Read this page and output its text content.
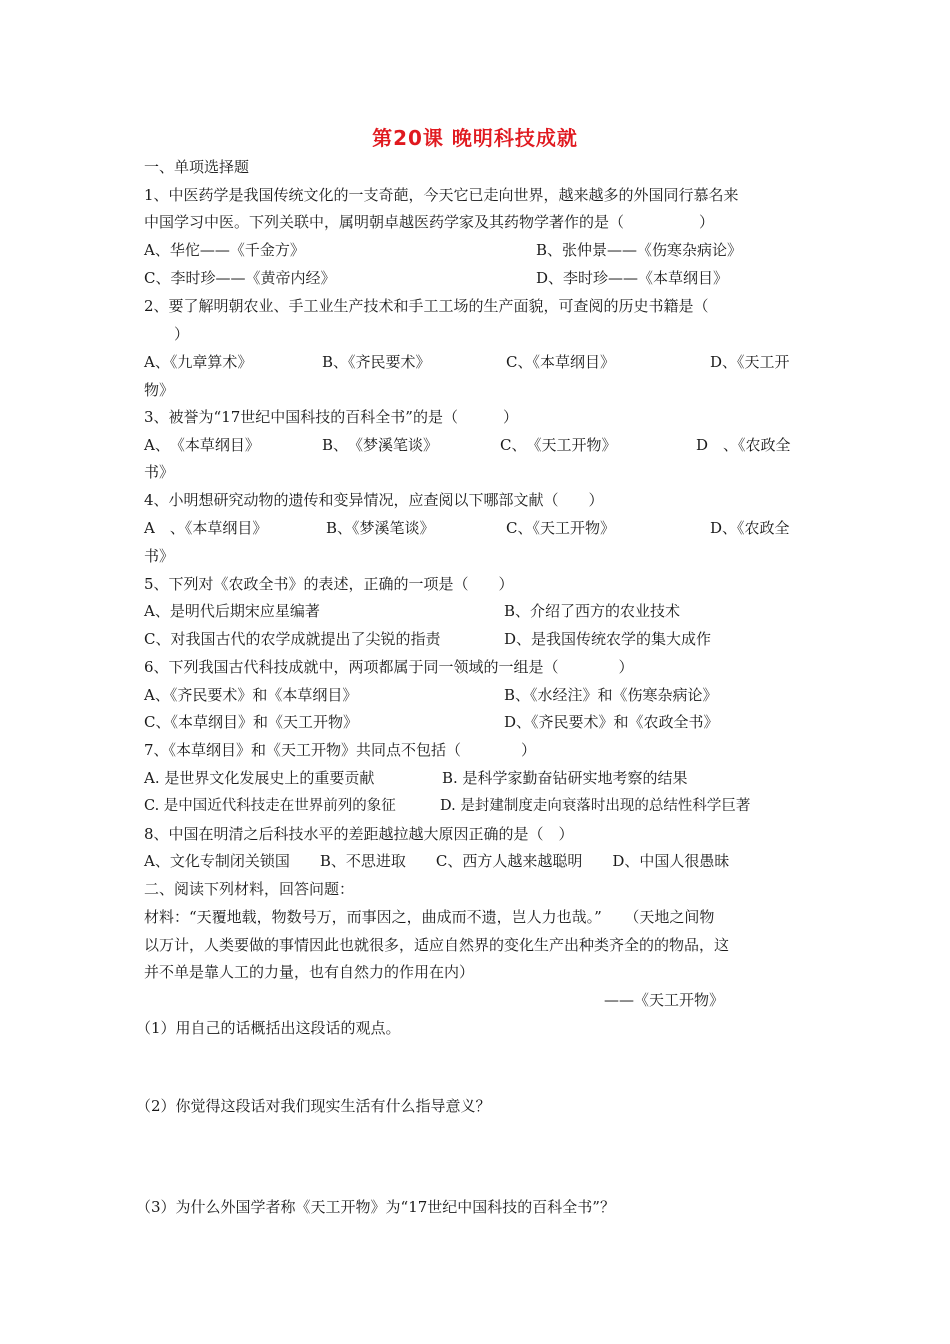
第20课 晚明科技成就
一、单项选择题
1、中医药学是我国传统文化的一支奇葩，今天它已走向世界，越来越多的外国同行慕名来
中国学习中医。下列关联中，属明朝卓越医药学家及其药物学著作的是（　　　　　）
A、华佗——《千金方》	B、张仲景——《伤寒杂病论》
C、李时珍——《黄帝内经》	D、李时珍——《本草纲目》
2、要了解明朝农业、手工业生产技术和手工工场的生产面貌，可查阅的历史书籍是（
）
A、《九章算术》	B、《齐民要术》	C、《本草纲目》	D、《天工开
物》
3、被誉为“17世纪中国科技的百科全书”的是（　　　）
A、　《本草纲目》	B、　《梦溪笔谈》	C、　《天工开物》	D　、《农政全
书》
4、小明想研究动物的遗传和变异情况，应查阅以下哪部文献（　　）
A　、《本草纲目》	B、《梦溪笔谈》	C、《天工开物》	D、《农政全
书》
5、下列对《农政全书》的表述，正确的一项是（　　）
A、是明代后期宋应星编著	B、介绍了西方的农业技术
C、对我国古代的农学成就提出了尖锐的指责	D、是我国传统农学的集大成作
6、下列我国古代科技成就中，两项都属于同一领域的一组是（　　　　）
A、《齐民要术》和《本草纲目》	B、《水经注》和《伤寒杂病论》
C、《本草纲目》和《天工开物》	D、《齐民要术》和《农政全书》
7、《本草纲目》和《天工开物》共同点不包括（　　　　）
A. 是世界文化发展史上的重要贡献	B. 是科学家勤奋钻研实地考察的结果
C. 是中国近代科技走在世界前列的象征	D. 是封建制度走向衰落时出现的总结性科学巨著
8、中国在明清之后科技水平的差距越拉越大原因正确的是（　）
A、文化专制闭关锁国　　B、不思进取　　C、西方人越来越聪明　　D、中国人很愚昧
二、阅读下列材料，回答问题：
材料：“天覆地载，物数号万，而事因之，曲成而不遗，岂人力也哉。”　　（天地之间物
以万计，人类要做的事情因此也就很多，适应自然界的变化生产出种类齐全的的物品，这
并不单是靠人工的力量，也有自然力的作用在内）
——《天工开物》
（1）用自己的话概括出这段话的观点。
（2）你觉得这段话对我们现实生活有什么指导意义？
（3）为什么外国学者称《天工开物》为“17世纪中国科技的百科全书”？
